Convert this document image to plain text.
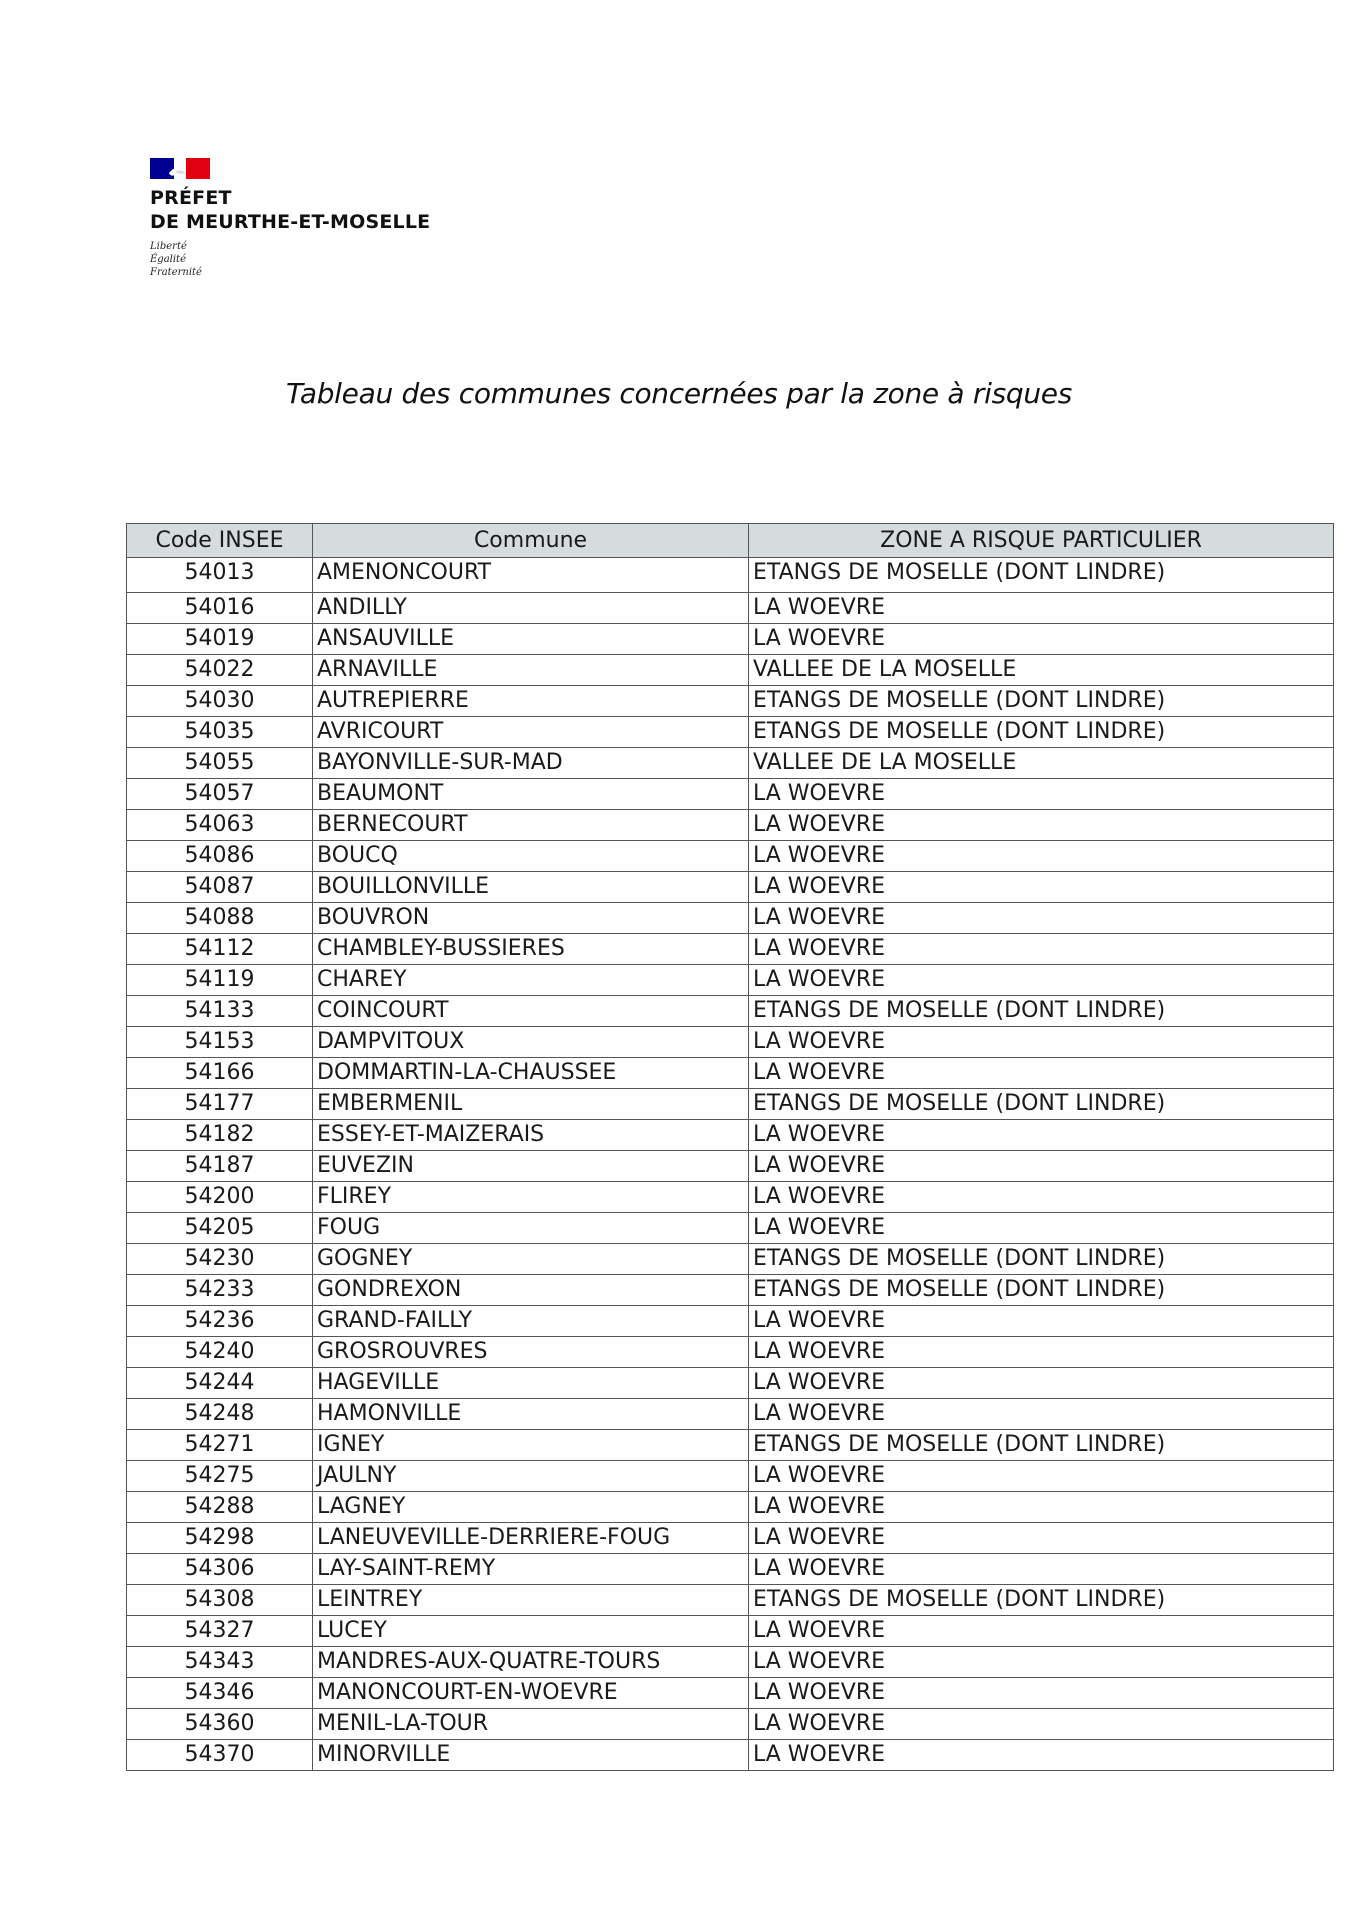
PRÉFET
DE MEURTHE-ET-MOSELLE
Liberté
Égalité
Fraternité
Tableau des communes concernées par la zone à risques
Code INSEE	Commune	ZONE A RISQUE PARTICULIER
54013	AMENONCOURT	ETANGS DE MOSELLE (DONT LINDRE)
54016	ANDILLY	LA WOEVRE
54019	ANSAUVILLE	LA WOEVRE
54022	ARNAVILLE	VALLEE DE LA MOSELLE
54030	AUTREPIERRE	ETANGS DE MOSELLE (DONT LINDRE)
54035	AVRICOURT	ETANGS DE MOSELLE (DONT LINDRE)
54055	BAYONVILLE-SUR-MAD	VALLEE DE LA MOSELLE
54057	BEAUMONT	LA WOEVRE
54063	BERNECOURT	LA WOEVRE
54086	BOUCQ	LA WOEVRE
54087	BOUILLONVILLE	LA WOEVRE
54088	BOUVRON	LA WOEVRE
54112	CHAMBLEY-BUSSIERES	LA WOEVRE
54119	CHAREY	LA WOEVRE
54133	COINCOURT	ETANGS DE MOSELLE (DONT LINDRE)
54153	DAMPVITOUX	LA WOEVRE
54166	DOMMARTIN-LA-CHAUSSEE	LA WOEVRE
54177	EMBERMENIL	ETANGS DE MOSELLE (DONT LINDRE)
54182	ESSEY-ET-MAIZERAIS	LA WOEVRE
54187	EUVEZIN	LA WOEVRE
54200	FLIREY	LA WOEVRE
54205	FOUG	LA WOEVRE
54230	GOGNEY	ETANGS DE MOSELLE (DONT LINDRE)
54233	GONDREXON	ETANGS DE MOSELLE (DONT LINDRE)
54236	GRAND-FAILLY	LA WOEVRE
54240	GROSROUVRES	LA WOEVRE
54244	HAGEVILLE	LA WOEVRE
54248	HAMONVILLE	LA WOEVRE
54271	IGNEY	ETANGS DE MOSELLE (DONT LINDRE)
54275	JAULNY	LA WOEVRE
54288	LAGNEY	LA WOEVRE
54298	LANEUVEVILLE-DERRIERE-FOUG	LA WOEVRE
54306	LAY-SAINT-REMY	LA WOEVRE
54308	LEINTREY	ETANGS DE MOSELLE (DONT LINDRE)
54327	LUCEY	LA WOEVRE
54343	MANDRES-AUX-QUATRE-TOURS	LA WOEVRE
54346	MANONCOURT-EN-WOEVRE	LA WOEVRE
54360	MENIL-LA-TOUR	LA WOEVRE
54370	MINORVILLE	LA WOEVRE
